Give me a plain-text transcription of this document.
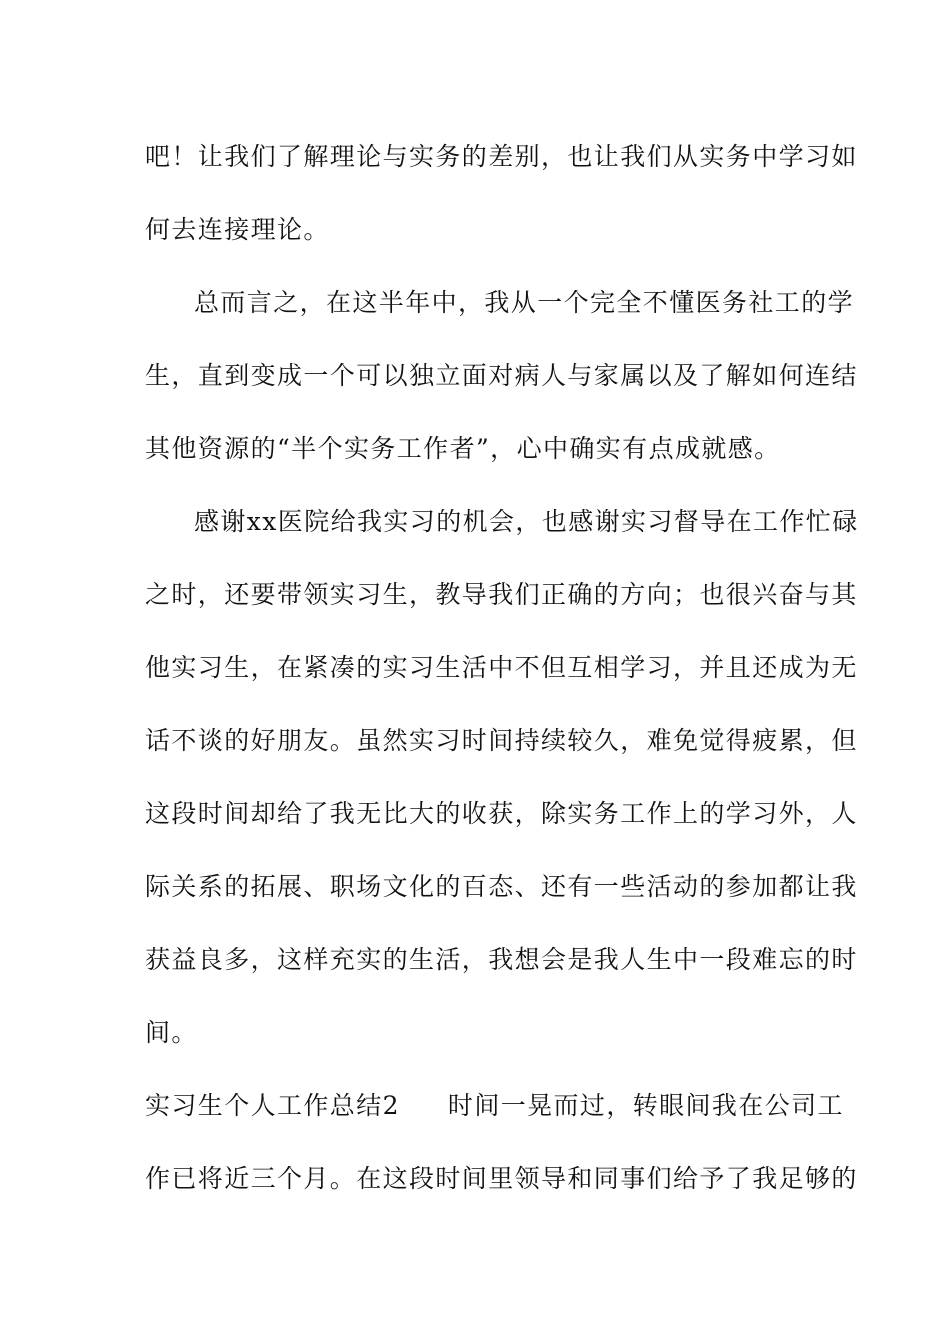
吧！让我们了解理论与实务的差别，也让我们从实务中学习如
何去连接理论。
总而言之，在这半年中，我从一个完全不懂医务社工的学
生，直到变成一个可以独立面对病人与家属以及了解如何连结
其他资源的“半个实务工作者”，心中确实有点成就感。
感谢xx医院给我实习的机会，也感谢实习督导在工作忙碌
之时，还要带领实习生，教导我们正确的方向；也很兴奋与其
他实习生，在紧凑的实习生活中不但互相学习，并且还成为无
话不谈的好朋友。虽然实习时间持续较久，难免觉得疲累，但
这段时间却给了我无比大的收获，除实务工作上的学习外，人
际关系的拓展、职场文化的百态、还有一些活动的参加都让我
获益良多，这样充实的生活，我想会是我人生中一段难忘的时
间。
实习生个人工作总结2 时间一晃而过，转眼间我在公司工
作已将近三个月。在这段时间里领导和同事们给予了我足够的
